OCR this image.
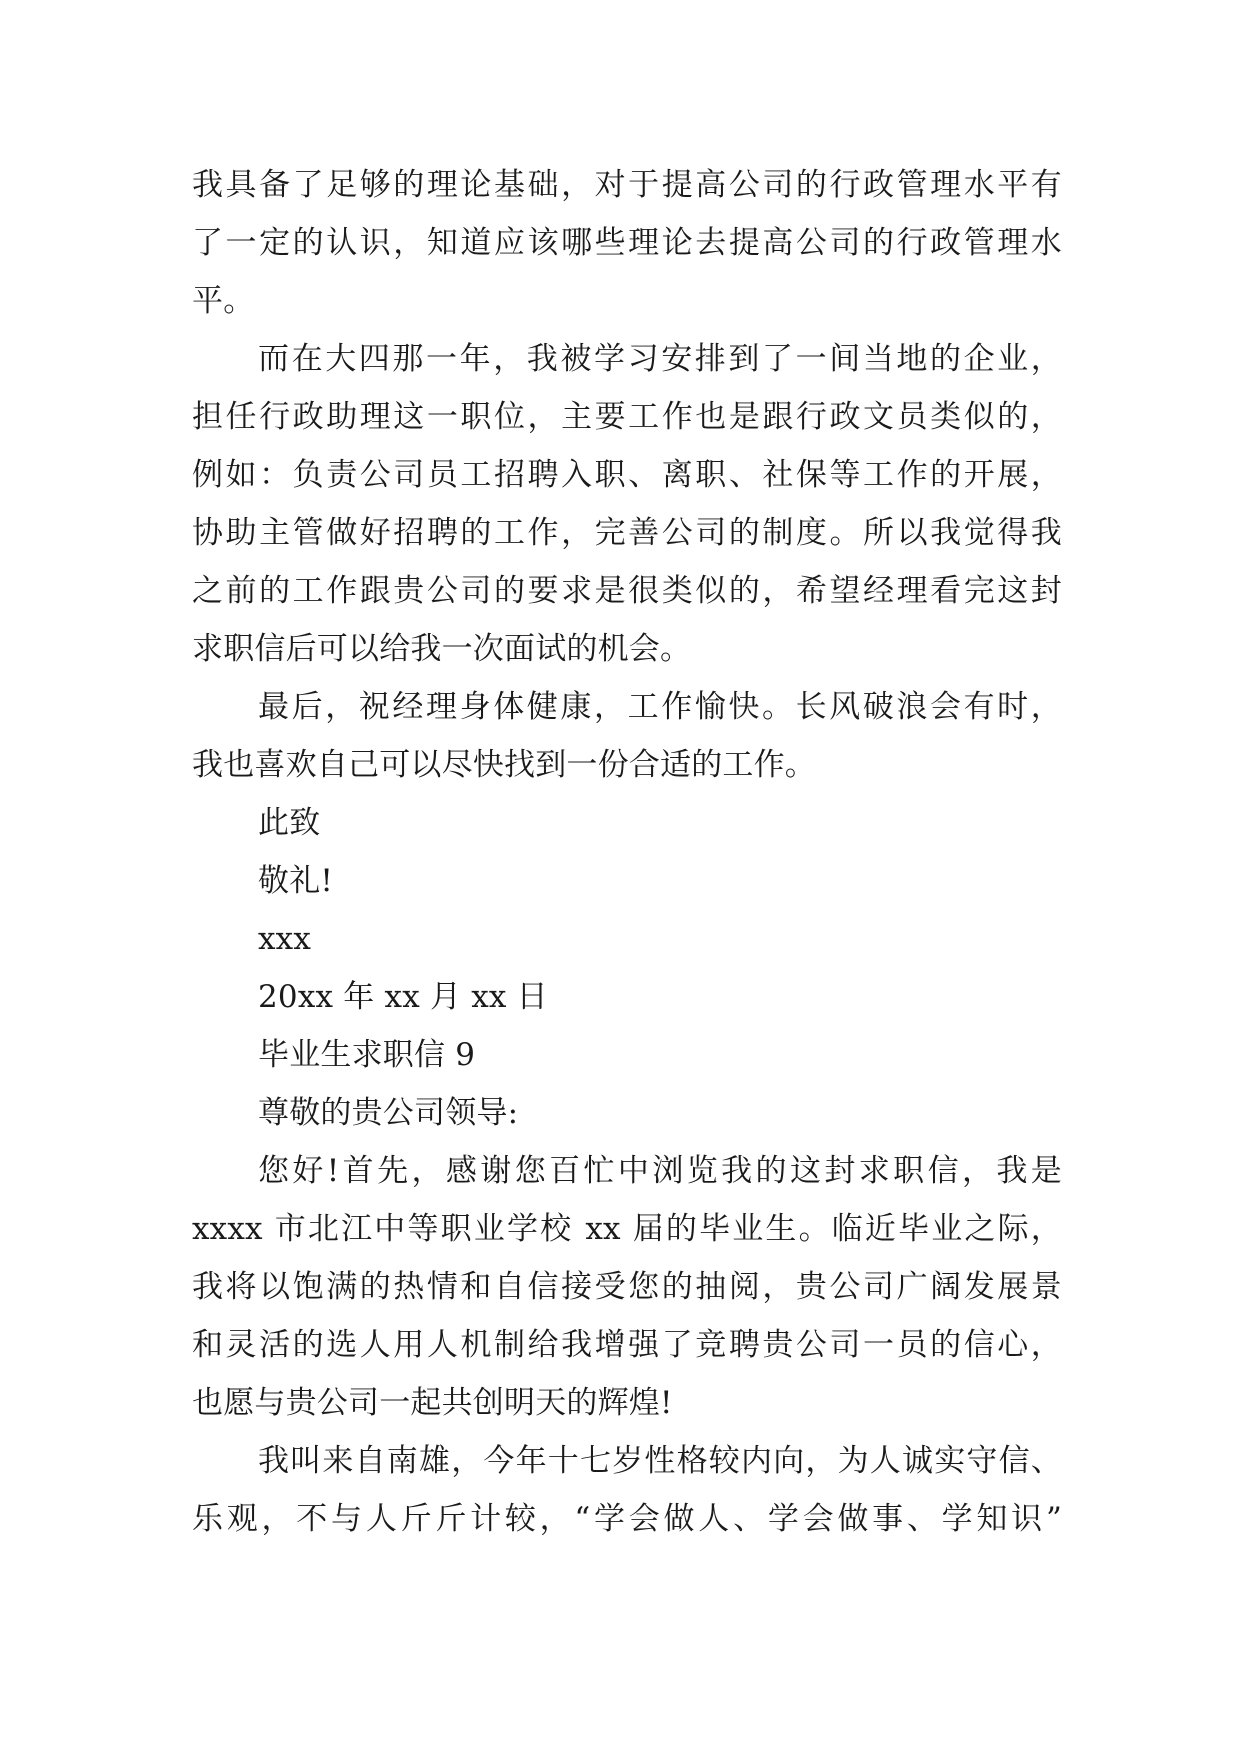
我具备了足够的理论基础，对于提高公司的行政管理水平有
了一定的认识，知道应该哪些理论去提高公司的行政管理水
平。
而在大四那一年，我被学习安排到了一间当地的企业，
担任行政助理这一职位，主要工作也是跟行政文员类似的，
例如：负责公司员工招聘入职、离职、社保等工作的开展，
协助主管做好招聘的工作，完善公司的制度。所以我觉得我
之前的工作跟贵公司的要求是很类似的，希望经理看完这封
求职信后可以给我一次面试的机会。
最后，祝经理身体健康，工作愉快。长风破浪会有时，
我也喜欢自己可以尽快找到一份合适的工作。
此致
敬礼!
xxx
20xx 年 xx 月 xx 日
毕业生求职信 9
尊敬的贵公司领导:
您好!首先，感谢您百忙中浏览我的这封求职信，我是
xxxx 市北江中等职业学校 xx 届的毕业生。临近毕业之际，
我将以饱满的热情和自信接受您的抽阅，贵公司广阔发展景
和灵活的选人用人机制给我增强了竞聘贵公司一员的信心，
也愿与贵公司一起共创明天的辉煌!
我叫来自南雄，今年十七岁性格较内向，为人诚实守信、
乐观，不与人斤斤计较，“学会做人、学会做事、学知识”
